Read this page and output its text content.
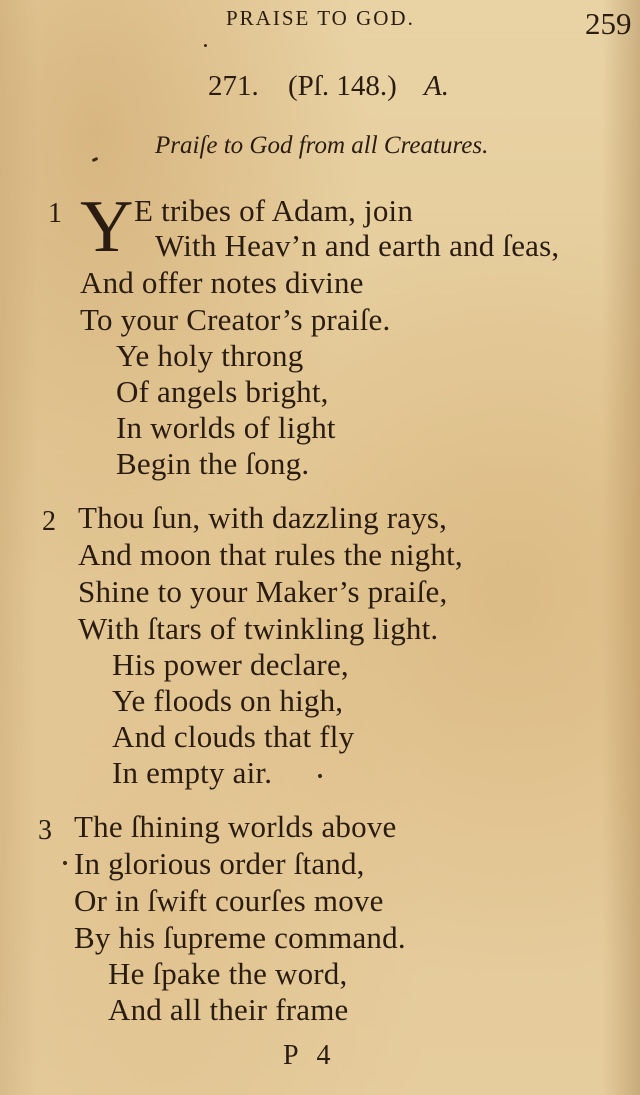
PRAISE TO GOD.	259
271. (Pſ. 148.) A.
Praiſe to God from all Creatures.
1 Y E tribes of Adam, join
With Heav’n and earth and ſeas,
And offer notes divine
To your Creator’s praiſe.
Ye holy throng
Of angels bright,
In worlds of light
Begin the ſong.
2 Thou ſun, with dazzling rays,
And moon that rules the night,
Shine to your Maker’s praiſe,
With ſtars of twinkling light.
His power declare,
Ye floods on high,
And clouds that fly
In empty air.
3 The ſhining worlds above
In glorious order ſtand,
Or in ſwift courſes move
By his ſupreme command.
He ſpake the word,
And all their frame
P 4
